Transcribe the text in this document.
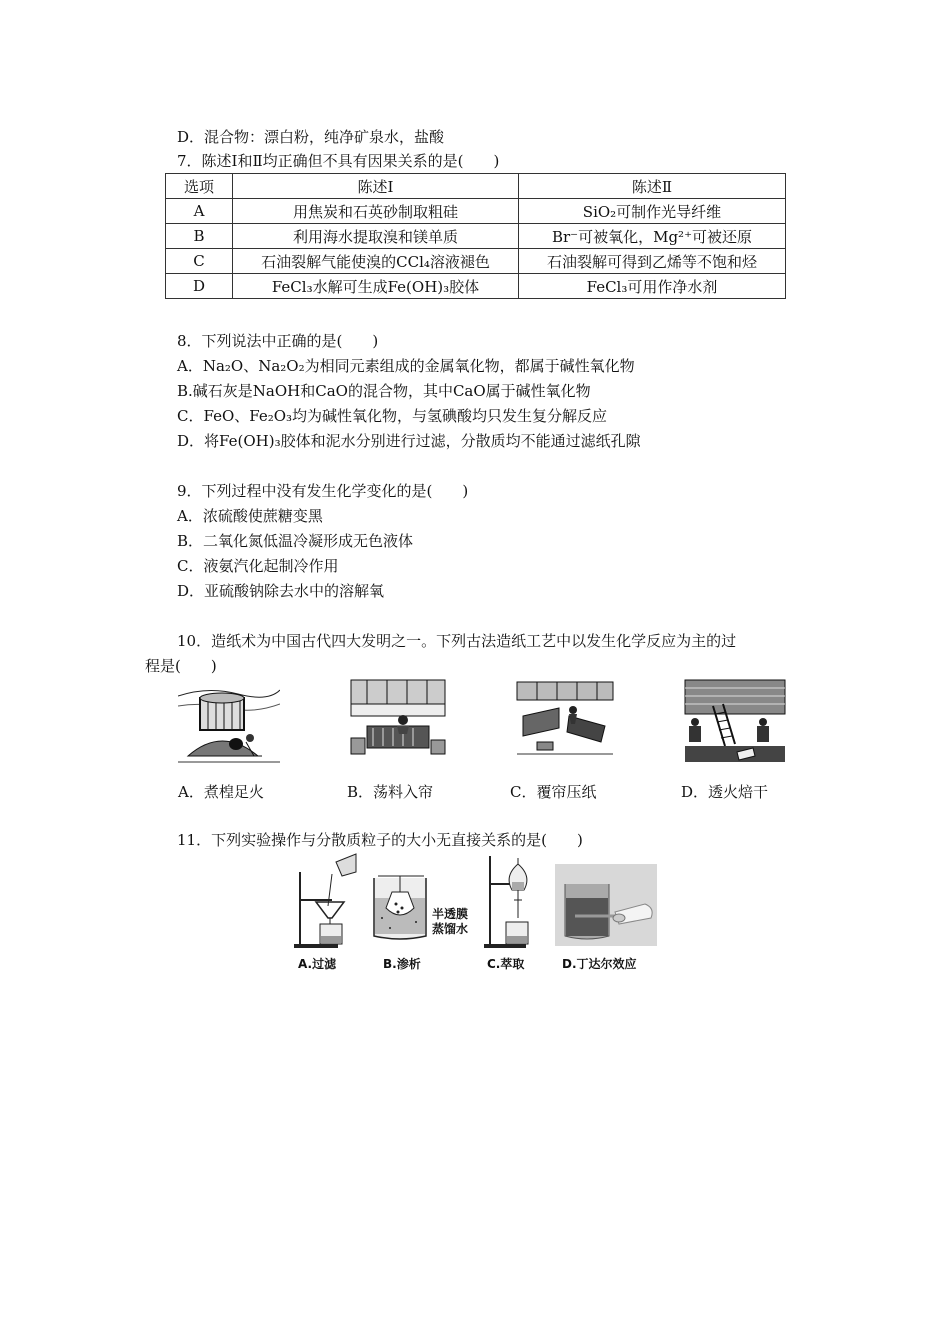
D．混合物：漂白粉，纯净矿泉水，盐酸
7．陈述Ⅰ和Ⅱ均正确但不具有因果关系的是(　　)
选项	陈述Ⅰ	陈述Ⅱ
A	用焦炭和石英砂制取粗硅	SiO₂可制作光导纤维
B	利用海水提取溴和镁单质	Br⁻可被氧化，Mg²⁺可被还原
C	石油裂解气能使溴的CCl₄溶液褪色	石油裂解可得到乙烯等不饱和烃
D	FeCl₃水解可生成Fe(OH)₃胶体	FeCl₃可用作净水剂
8．下列说法中正确的是(　　)
A．Na₂O、Na₂O₂为相同元素组成的金属氧化物，都属于碱性氧化物
B.碱石灰是NaOH和CaO的混合物，其中CaO属于碱性氧化物
C．FeO、Fe₂O₃均为碱性氧化物，与氢碘酸均只发生复分解反应
D．将Fe(OH)₃胶体和泥水分别进行过滤，分散质均不能通过滤纸孔隙
9．下列过程中没有发生化学变化的是(　　)
A．浓硫酸使蔗糖变黑
B．二氧化氮低温冷凝形成无色液体
C．液氨汽化起制冷作用
D．亚硫酸钠除去水中的溶解氧
10．造纸术为中国古代四大发明之一。下列古法造纸工艺中以发生化学反应为主的过
程是(　　)
A．煮楻足火	B．荡料入帘	C．覆帘压纸	D．透火焙干
11．下列实验操作与分散质粒子的大小无直接关系的是(　　)
半透膜
蒸馏水
A.过滤	B.渗析	C.萃取	D.丁达尔效应
